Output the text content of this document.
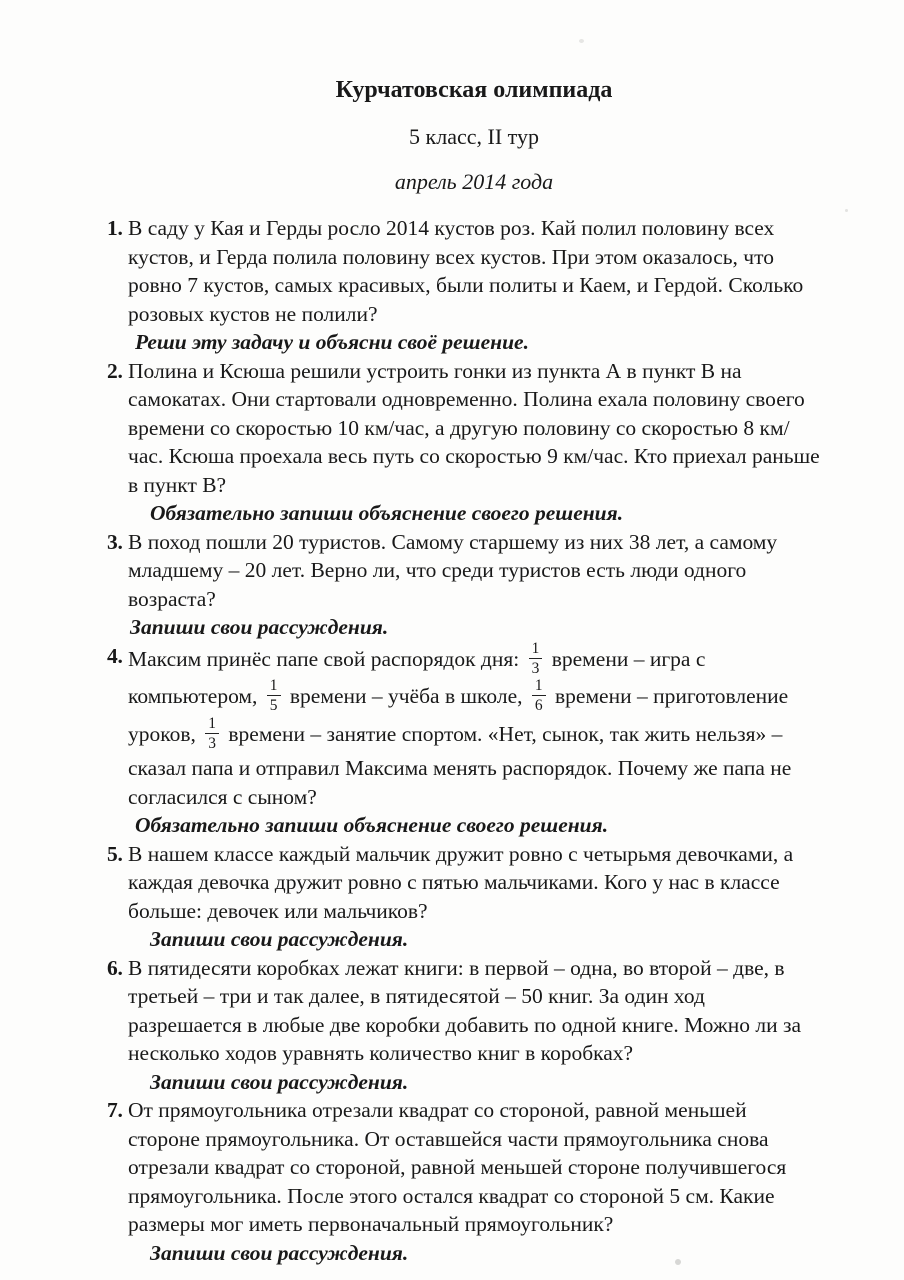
Курчатовская олимпиада
5 класс, II тур
апрель 2014 года
1. В саду у Кая и Герды росло 2014 кустов роз. Кай полил половину всех кустов, и Герда полила половину всех кустов. При этом оказалось, что ровно 7 кустов, самых красивых, были политы и Каем, и Гердой. Сколько розовых кустов не полили?
Реши эту задачу и объясни своё решение.
2. Полина и Ксюша решили устроить гонки из пункта А в пункт В на самокатах. Они стартовали одновременно. Полина ехала половину своего времени со скоростью 10 км/час, а другую половину со скоростью 8 км/час. Ксюша проехала весь путь со скоростью 9 км/час. Кто приехал раньше в пункт В?
Обязательно запиши объяснение своего решения.
3. В поход пошли 20 туристов. Самому старшему из них 38 лет, а самому младшему – 20 лет. Верно ли, что среди туристов есть люди одного возраста?
Запиши свои рассуждения.
4. Максим принёс папе свой распорядок дня: $\frac{1}{3}$ времени – игра с компьютером, $\frac{1}{5}$ времени – учёба в школе, $\frac{1}{6}$ времени – приготовление уроков, $\frac{1}{3}$ времени – занятие спортом. «Нет, сынок, так жить нельзя» – сказал папа и отправил Максима менять распорядок. Почему же папа не согласился с сыном?
Обязательно запиши объяснение своего решения.
5. В нашем классе каждый мальчик дружит ровно с четырьмя девочками, а каждая девочка дружит ровно с пятью мальчиками. Кого у нас в классе больше: девочек или мальчиков?
Запиши свои рассуждения.
6. В пятидесяти коробках лежат книги: в первой – одна, во второй – две, в третьей – три и так далее, в пятидесятой – 50 книг. За один ход разрешается в любые две коробки добавить по одной книге. Можно ли за несколько ходов уравнять количество книг в коробках?
Запиши свои рассуждения.
7. От прямоугольника отрезали квадрат со стороной, равной меньшей стороне прямоугольника. От оставшейся части прямоугольника снова отрезали квадрат со стороной, равной меньшей стороне получившегося прямоугольника. После этого остался квадрат со стороной 5 см. Какие размеры мог иметь первоначальный прямоугольник?
Запиши свои рассуждения.
